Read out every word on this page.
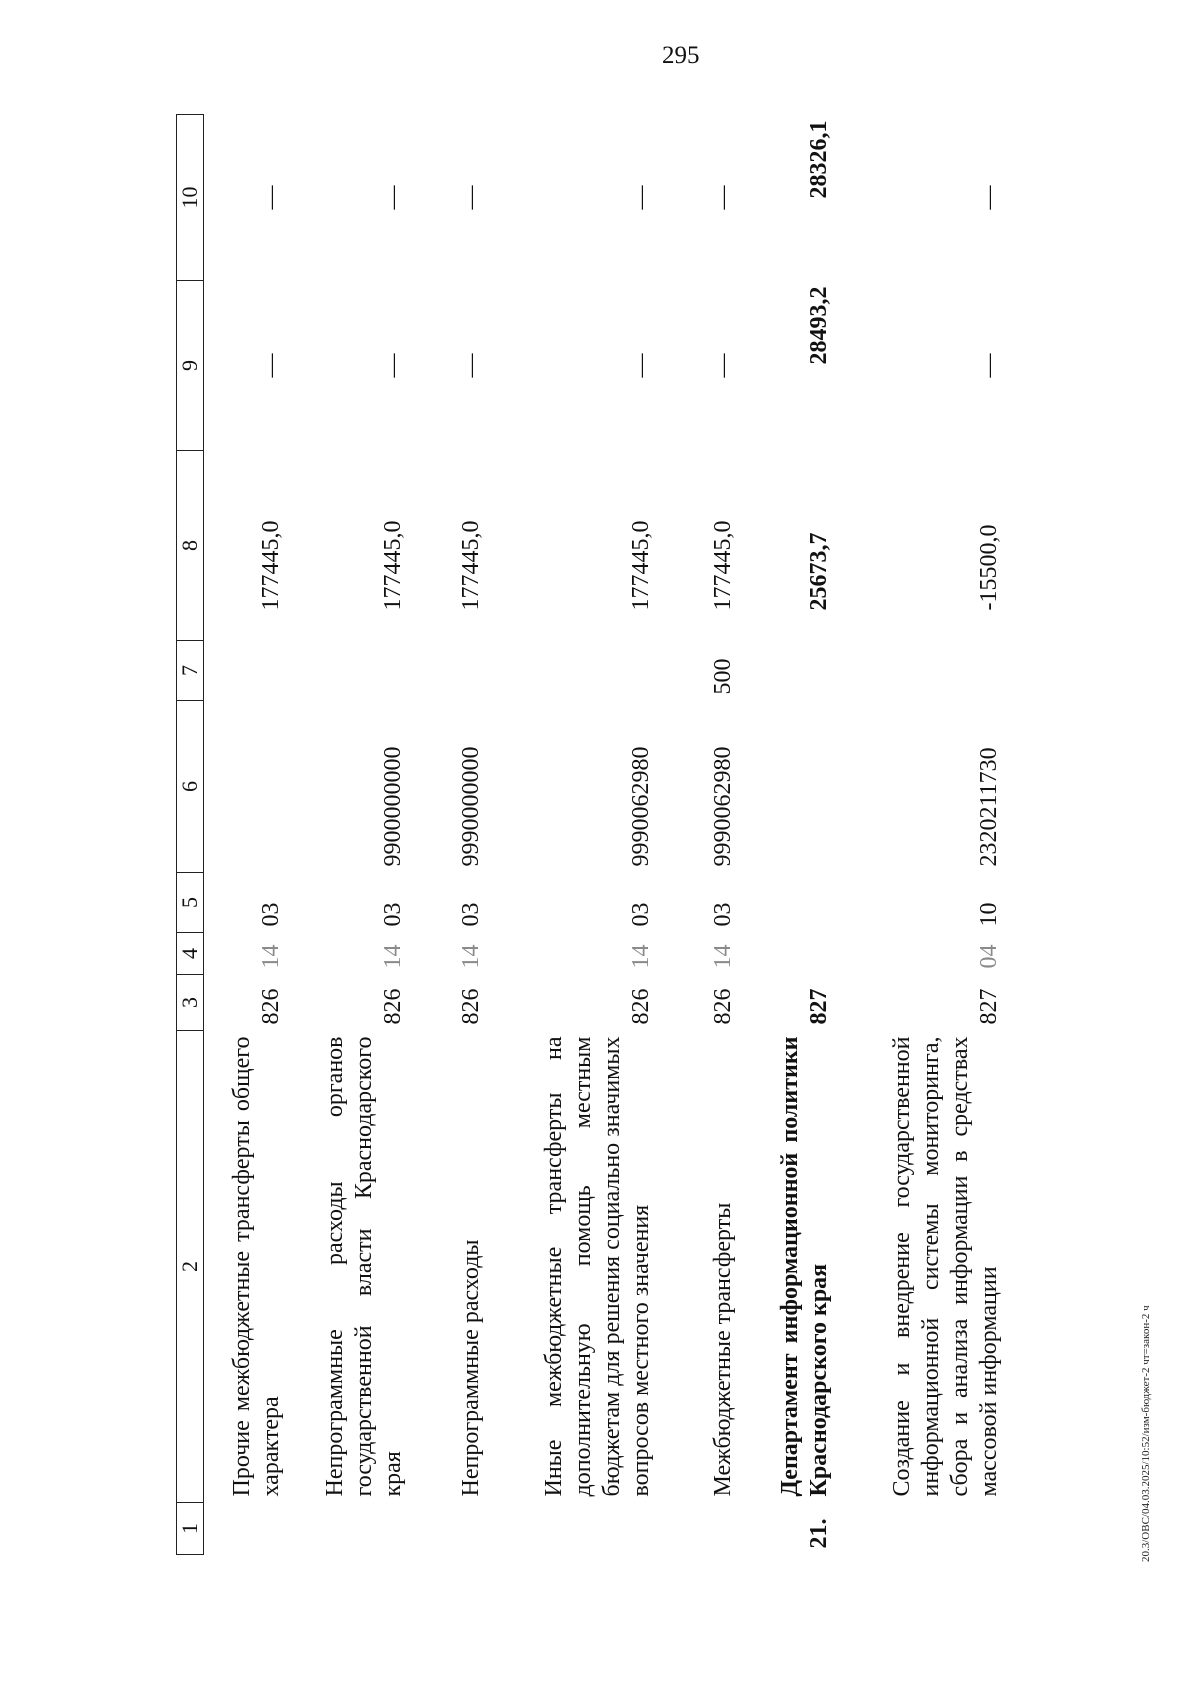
295
1	2	3	4	5	6	7	8	9	10
	Прочие межбюджетные трансферты общего характера	826	14	03			177445,0	—	—
	Непрограммные расходы органов государственной власти Краснодарского края	826	14	03	9900000000		177445,0	—	—
	Непрограммные расходы	826	14	03	9990000000		177445,0	—	—
	Иные межбюджетные трансферты на дополнительную помощь местным бюджетам для решения социально значимых вопросов местного значения	826	14	03	9990062980		177445,0	—	—
	Межбюджетные трансферты	826	14	03	9990062980	500	177445,0	—	—
21.	Департамент информационной политики Краснодарского края	827					25673,7	28493,2	28326,1
	Создание и внедрение государственной информационной системы мониторинга, сбора и анализа информации в средствах массовой информации	827	04	10	2320211730		-15500,0	—	—
20.3/ОВС/04.03.2025/10:52/изм-бюджет-2 чт=закон-2 ч
